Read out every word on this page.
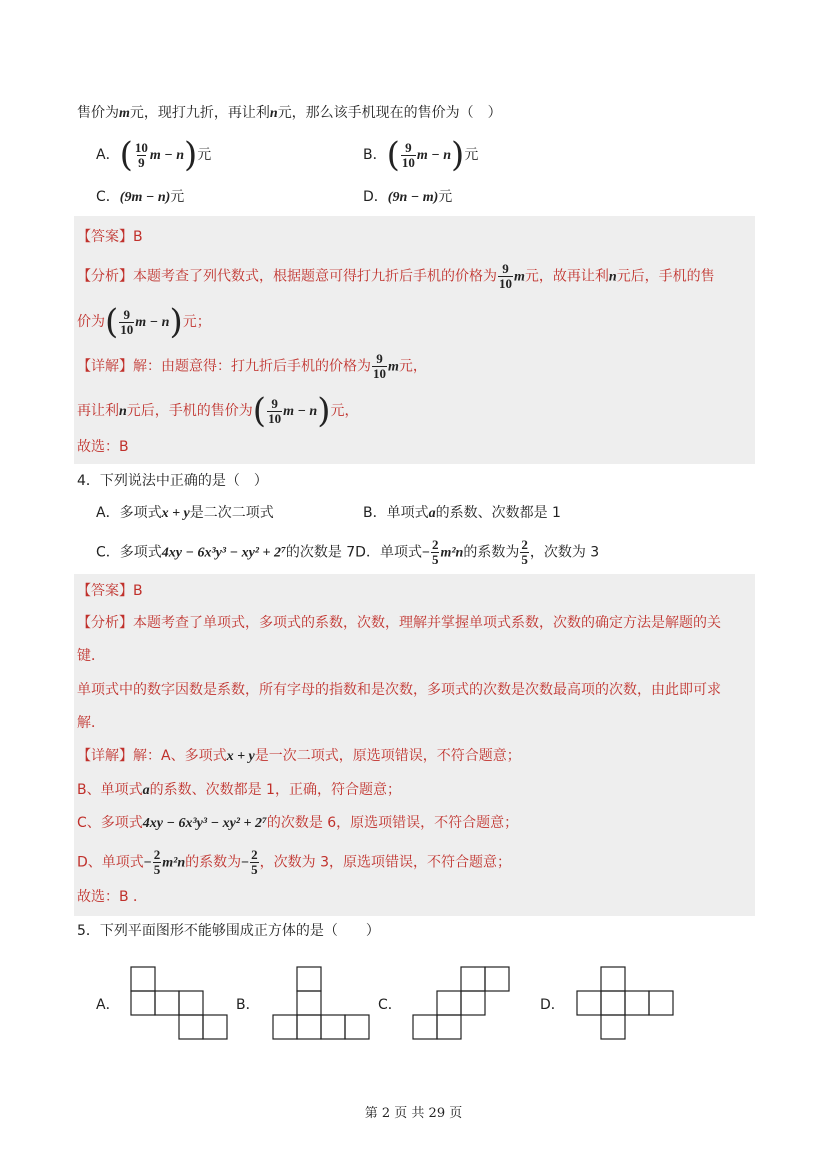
售价为m元，现打九折，再让利n元，那么该手机现在的售价为（　）
A．( $\frac{10}{9}$ m − n)元	B．( $\frac{9}{10}$ m − n)元
C．(9m − n)元	D．(9n − m)元
【答案】B
【分析】本题考查了列代数式，根据题意可得打九折后手机的价格为 $\frac{9}{10}$ m元，故再让利n元后，手机的售
价为( $\frac{9}{10}$ m − n)元；
【详解】解：由题意得：打九折后手机的价格为 $\frac{9}{10}$ m元，
再让利n元后，手机的售价为( $\frac{9}{10}$ m − n)元，
故选：B
4．下列说法中正确的是（　）
A．多项式x + y是二次二项式	B．单项式a的系数、次数都是 1
C．多项式4xy − 6x³y³ − xy² + 2⁷的次数是 7D．单项式− $\frac{2}{5} m^2n$的系数为 $\frac{2}{5}$ ，次数为 3
【答案】B
【分析】本题考查了单项式，多项式的系数，次数，理解并掌握单项式系数，次数的确定方法是解题的关
键．
单项式中的数字因数是系数，所有字母的指数和是次数，多项式的次数是次数最高项的次数，由此即可求
解．
【详解】解：A、多项式x + y是一次二项式，原选项错误，不符合题意；
B、单项式a的系数、次数都是 1，正确，符合题意；
C、多项式4xy − 6x³y³ − xy² + 2⁷的次数是 6，原选项错误，不符合题意；
D、单项式− $\frac{2}{5} m^2n$的系数为− $\frac{2}{5}$ ，次数为 3，原选项错误，不符合题意；
故选：B ．
5．下列平面图形不能够围成正方体的是（　　）
A．	B．	C．	D．
第 2 页 共 29 页
